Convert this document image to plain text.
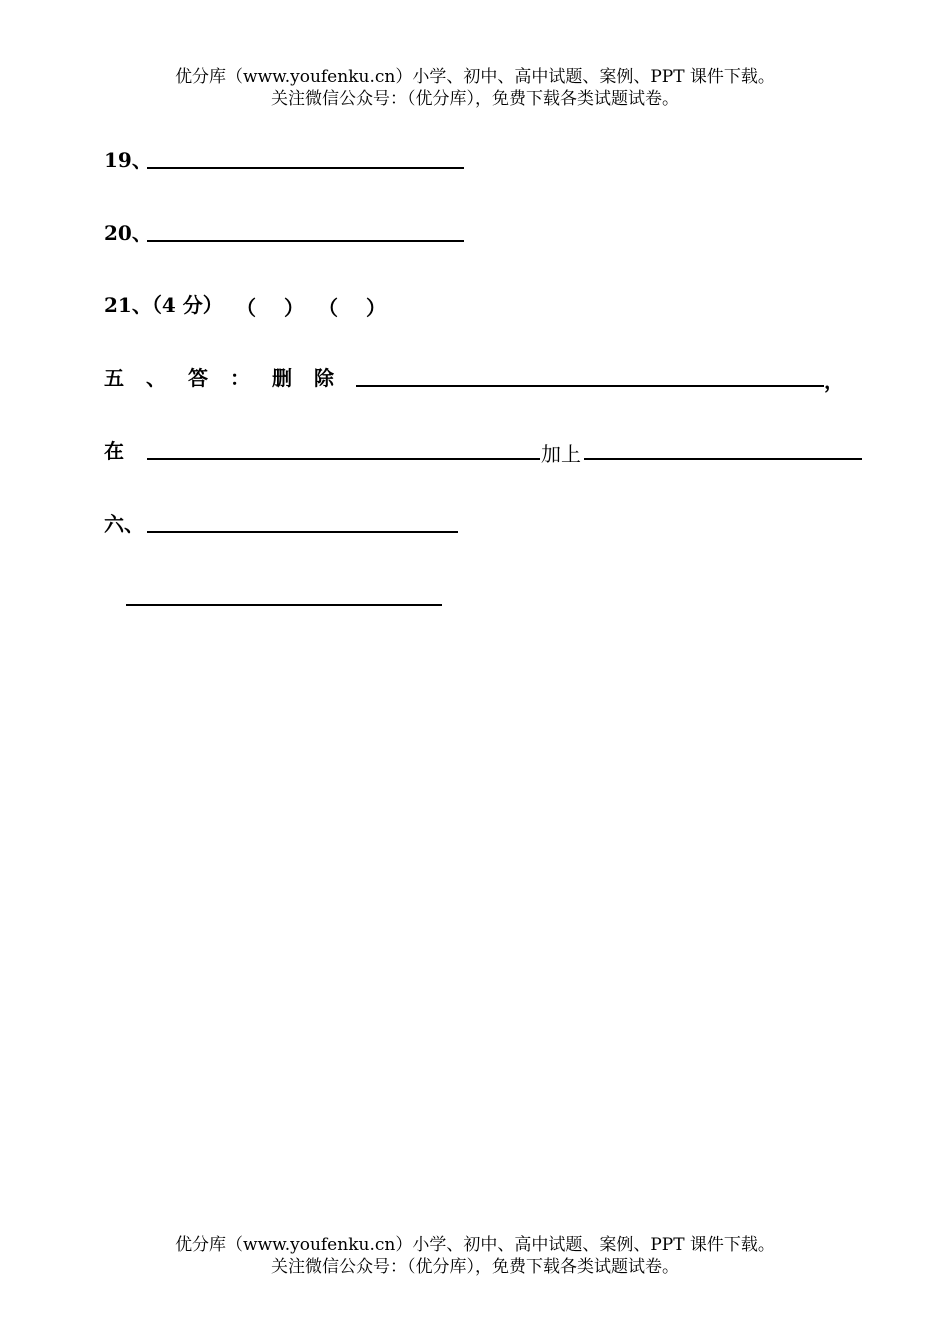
优分库（www.youfenku.cn）小学、初中、高中试题、案例、PPT 课件下载。
关注微信公众号：（优分库），免费下载各类试题试卷。
19、
20、
21、（4 分） （ ） （ ）
五 、 答 ： 删 除	，
在	加上
六、
优分库（www.youfenku.cn）小学、初中、高中试题、案例、PPT 课件下载。
关注微信公众号：（优分库），免费下载各类试题试卷。
